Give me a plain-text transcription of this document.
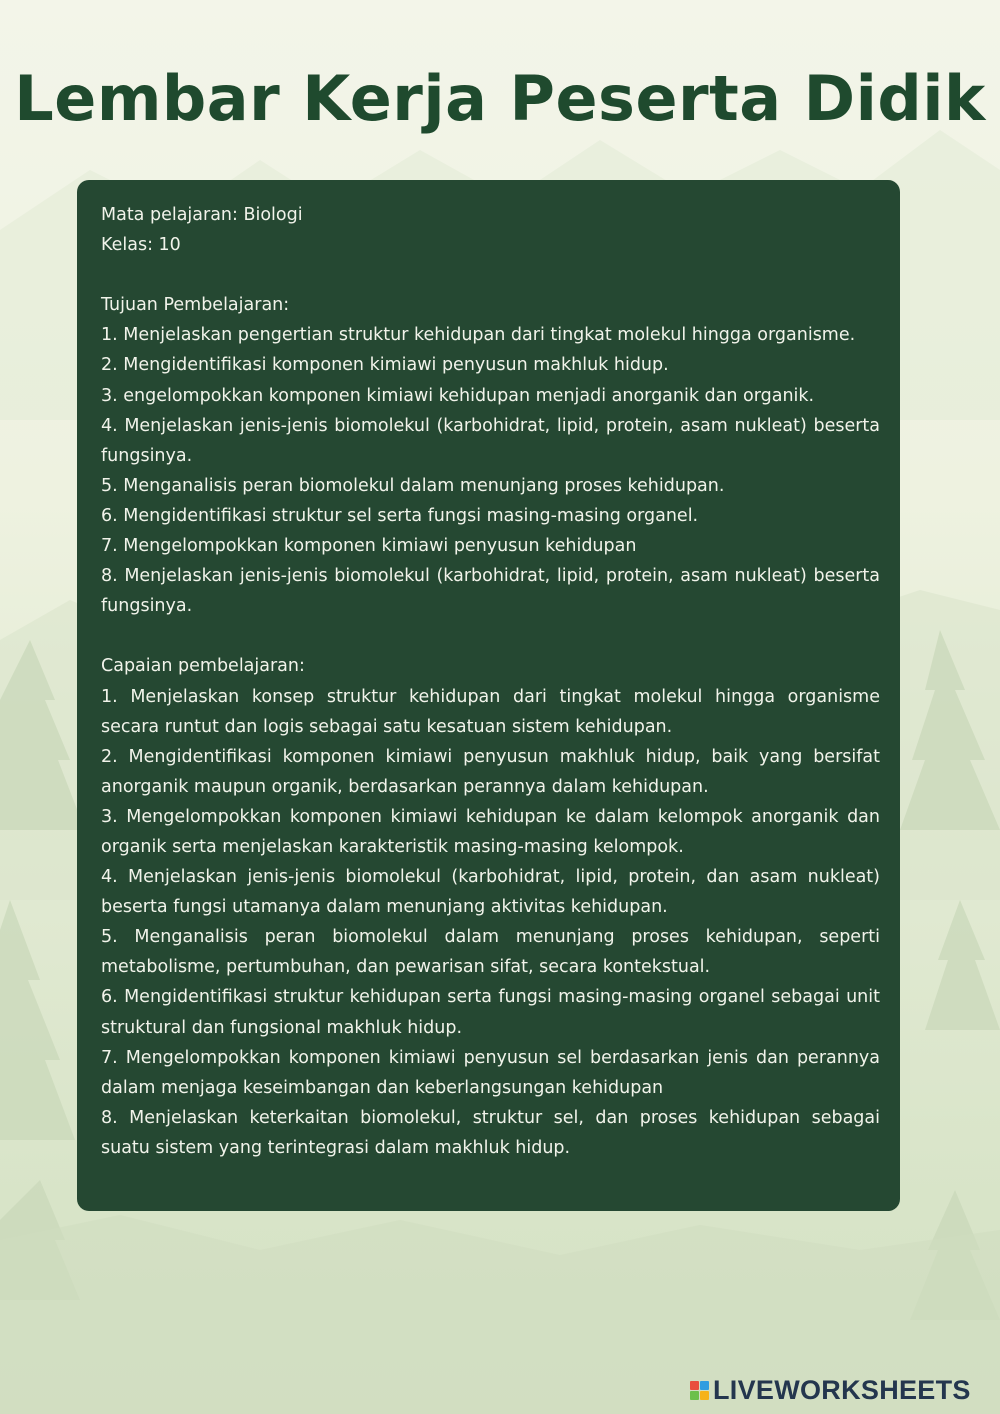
Lembar Kerja Peserta Didik

Mata pelajaran: Biologi

Kelas: 10

Tujuan Pembelajaran:

1. Menjelaskan pengertian struktur kehidupan dari tingkat molekul hingga organisme.
2. Mengidentifikasi komponen kimiawi penyusun makhluk hidup.
3. engelompokkan komponen kimiawi kehidupan menjadi anorganik dan organik.
4. Menjelaskan jenis-jenis biomolekul (karbohidrat, lipid, protein, asam nukleat) beserta fungsinya.
5. Menganalisis peran biomolekul dalam menunjang proses kehidupan.
6. Mengidentifikasi struktur sel serta fungsi masing-masing organel.
7. Mengelompokkan komponen kimiawi penyusun kehidupan
8. Menjelaskan jenis-jenis biomolekul (karbohidrat, lipid, protein, asam nukleat) beserta fungsinya.

Capaian pembelajaran:

1. Menjelaskan konsep struktur kehidupan dari tingkat molekul hingga organisme secara runtut dan logis sebagai satu kesatuan sistem kehidupan.
2. Mengidentifikasi komponen kimiawi penyusun makhluk hidup, baik yang bersifat anorganik maupun organik, berdasarkan perannya dalam kehidupan.
3. Mengelompokkan komponen kimiawi kehidupan ke dalam kelompok anorganik dan organik serta menjelaskan karakteristik masing-masing kelompok.
4. Menjelaskan jenis-jenis biomolekul (karbohidrat, lipid, protein, dan asam nukleat) beserta fungsi utamanya dalam menunjang aktivitas kehidupan.
5. Menganalisis peran biomolekul dalam menunjang proses kehidupan, seperti metabolisme, pertumbuhan, dan pewarisan sifat, secara kontekstual.
6. Mengidentifikasi struktur kehidupan serta fungsi masing-masing organel sebagai unit struktural dan fungsional makhluk hidup.
7. Mengelompokkan komponen kimiawi penyusun sel berdasarkan jenis dan perannya dalam menjaga keseimbangan dan keberlangsungan kehidupan
8. Menjelaskan keterkaitan biomolekul, struktur sel, dan proses kehidupan sebagai suatu sistem yang terintegrasi dalam makhluk hidup.
LIVEWORKSHEETS
